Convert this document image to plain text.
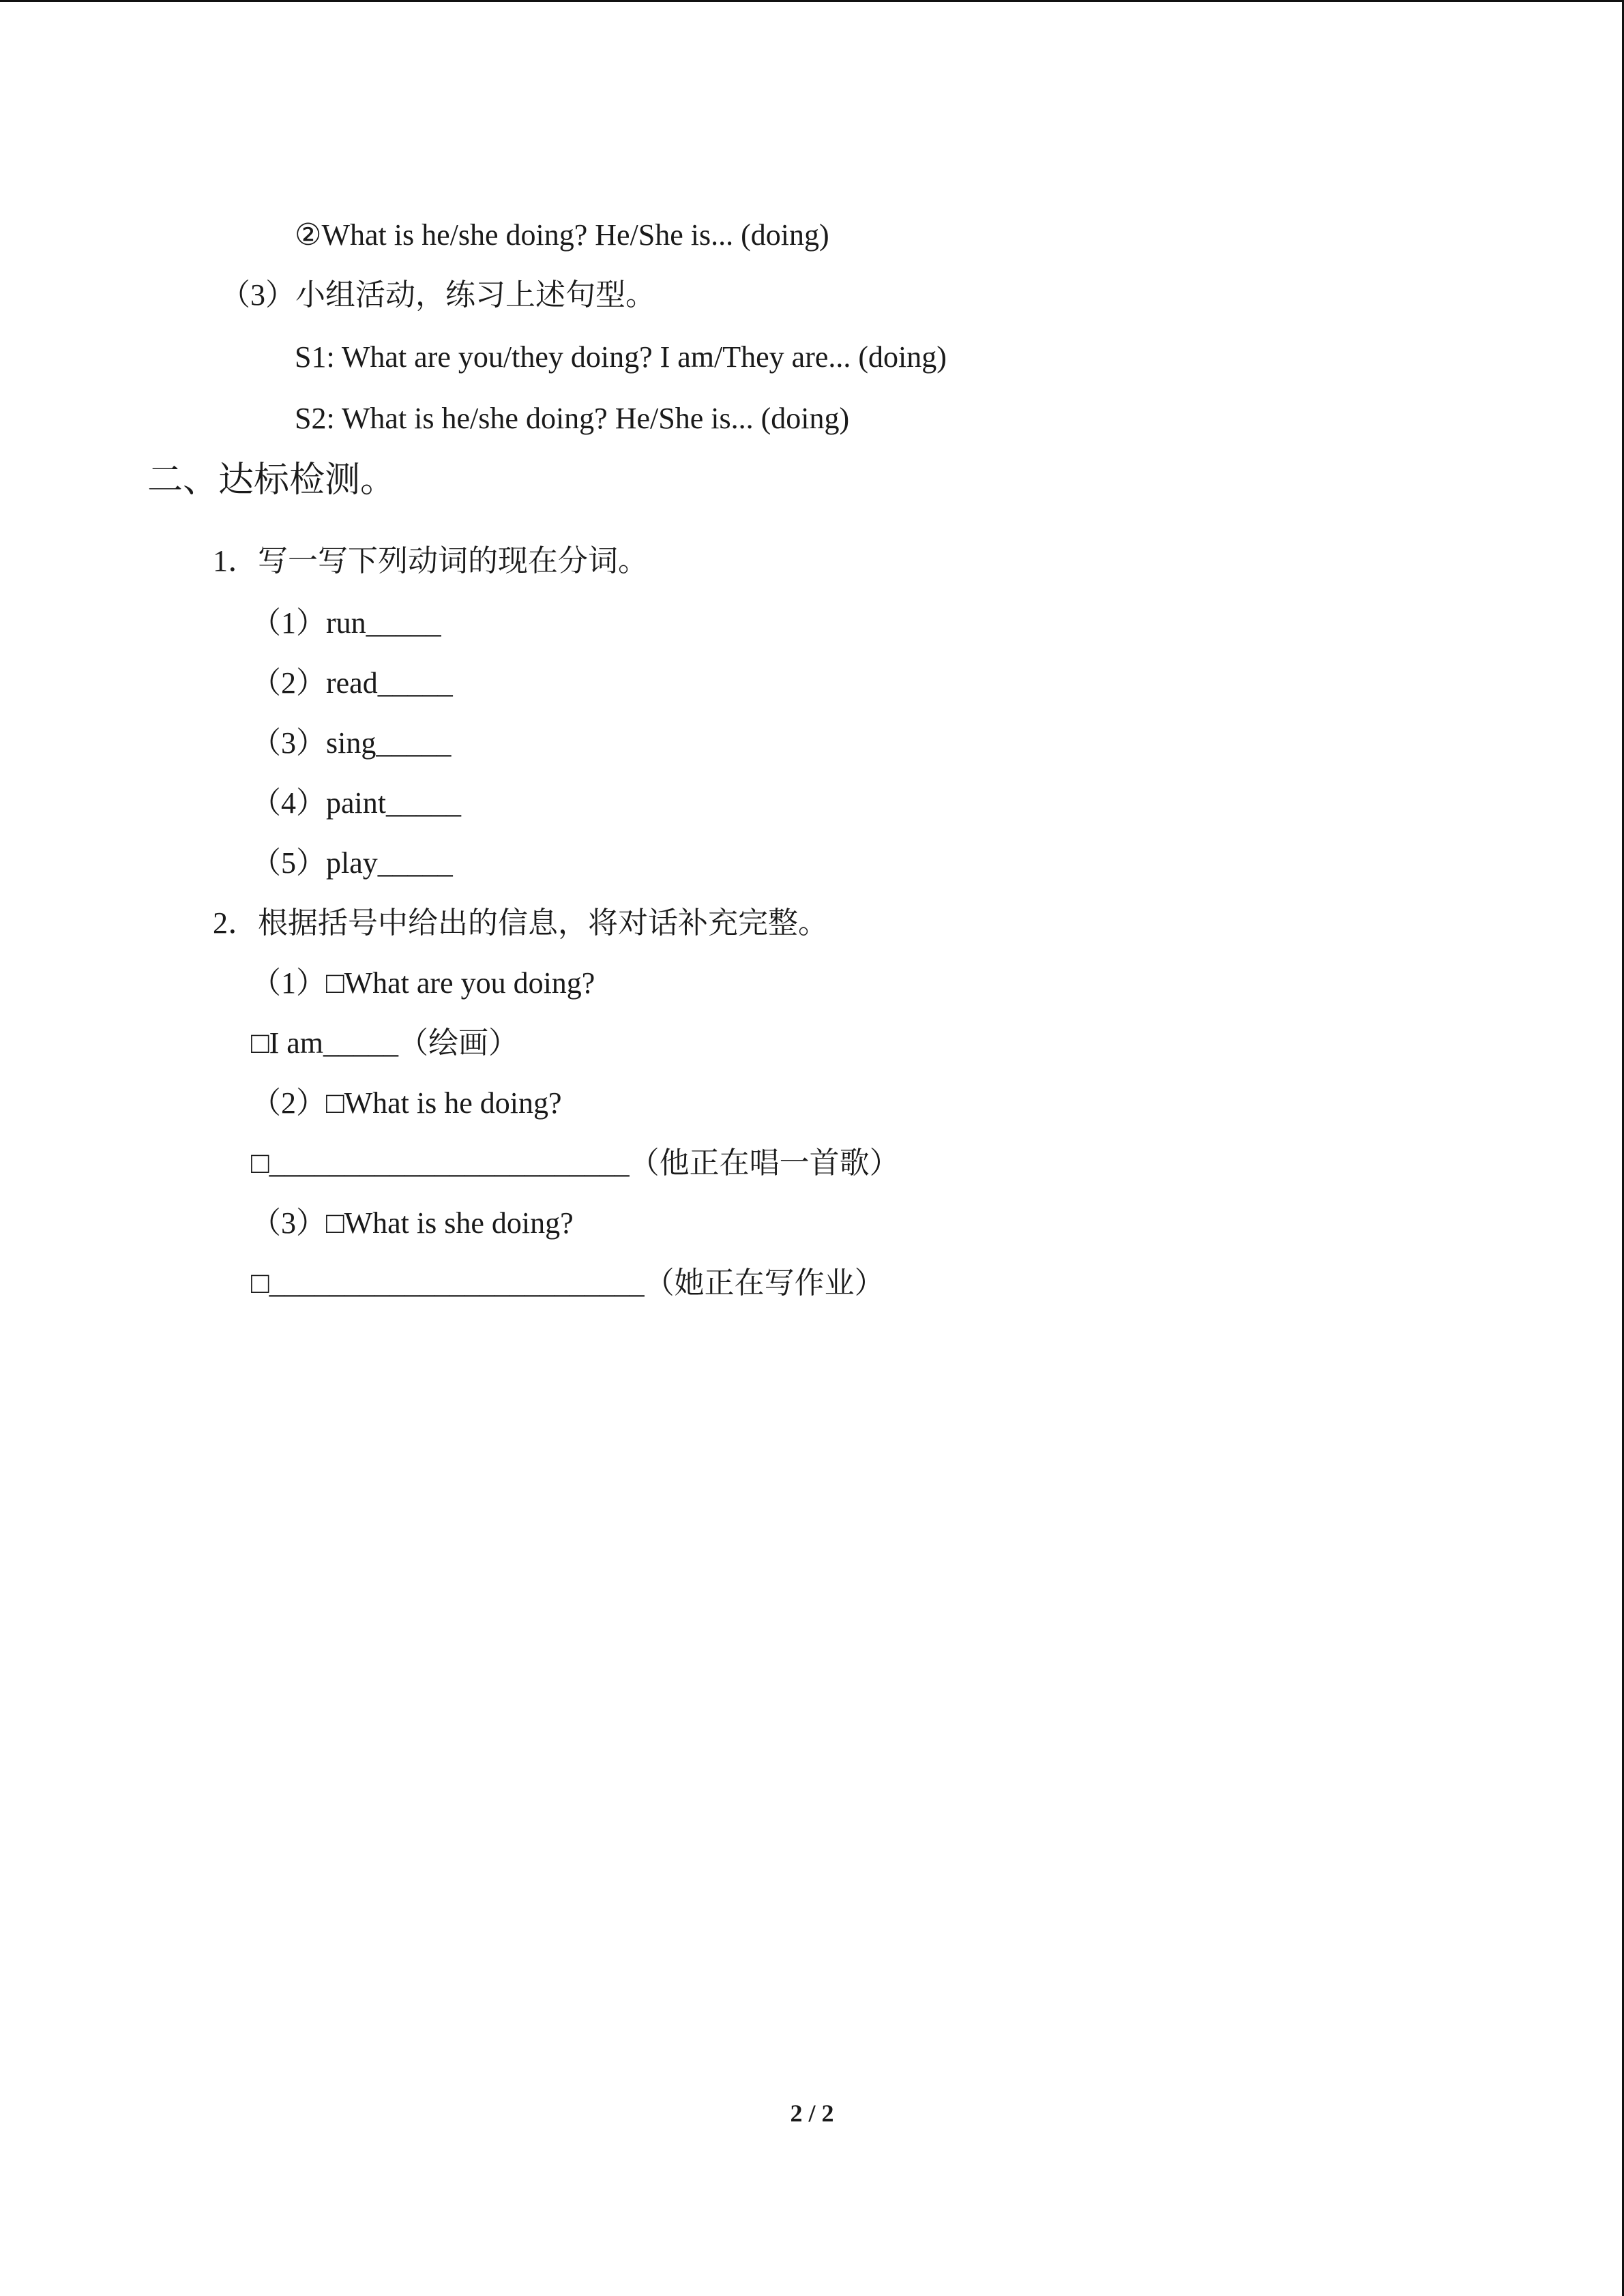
②What is he/she doing? He/She is... (doing)
（3）小组活动，练习上述句型。
S1: What are you/they doing? I am/They are... (doing)
S2: What is he/she doing? He/She is... (doing)
二、达标检测。
1．写一写下列动词的现在分词。
（1）run_____
（2）read_____
（3）sing_____
（4）paint_____
（5）play_____
2．根据括号中给出的信息，将对话补充完整。
（1）□What are you doing?
□I am_____（绘画）
（2）□What is he doing?
□________________________（他正在唱一首歌）
（3）□What is she doing?
□_________________________（她正在写作业）
2 / 2
